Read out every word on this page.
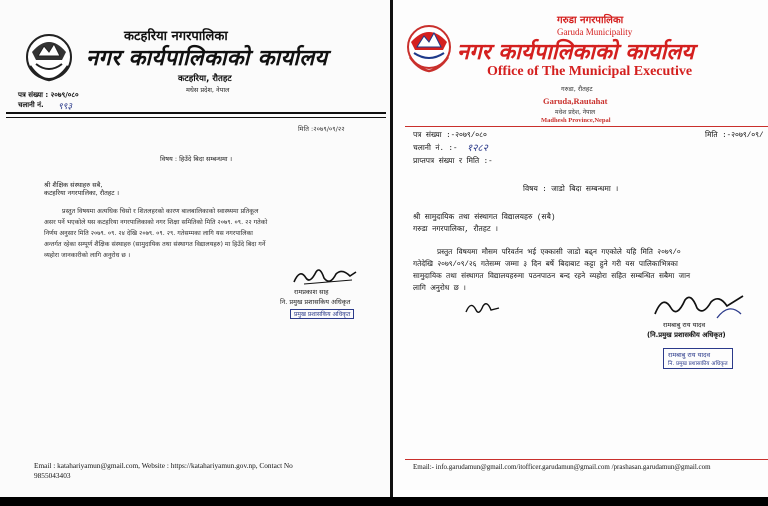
कटहरिया नगरपालिका
नगर कार्यपालिकाको कार्यालय
कटहरिया, रौतहट
मधेस प्रदेश, नेपाल
पत्र संख्या : २०७९/०८०
चलानी नं. ९९३
मिति :२०७९/०९/२२
विषय : हिउँदे बिदा सम्बन्धमा ।
श्री शैक्षिक संस्थाहरु सबै,
कटहरिया नगरपालिका, रौतहट ।
प्रस्तुत विषयमा अत्यधिक चिसो र शितलहरको कारण बालबालिकाको स्वास्थ्यमा प्रतिकूल
असर पर्ने भएकोले यस कटहरिया नगरपालिकाको नगर शिक्षा समितिको मिति २०७९. ०९. २२ गतेको
निर्णय अनुसार मिति २०७९. ०९. २४ देखि २०७९. ०९. २९. गतेसम्मका लागि यस नगरपालिका
अन्तर्गत रहेका सम्पूर्ण शैक्षिक संस्थाहरु (सामुदायिक तथा संस्थागत विद्यालयहरु) मा हिउँदे बिदा गर्ने
व्यहोरा जानकारीको लागि अनुरोध छ ।
रामप्रकाश साह
नि. प्रमुख प्रशासकिय अधिकृत
प्रमुख प्रशासकिय अधिकृत
Email : katahariyamun@gmail.com, Website : https://katahariyamun.gov.np, Contact No
9855043403
गरुडा नगरपालिका
Garuda Municipality
नगर कार्यपालिकाको कार्यालय
Office of The Municipal Executive
गरुडा, रौतहट
Garuda,Rautahat
मधेश प्रदेश, नेपाल
Madhesh Province,Nepal
पत्र संख्या :-२०७९/०८०	मिति :-२०७९/०९/
चलानी नं. :- १२८२
प्राप्तपत्र संख्या र मिति :-
विषय : जाडो बिदा सम्बन्धमा ।
श्री सामुदायिक तथा संस्थागत विद्यालयहरु (सबै)
गरुडा नगरपालिका, रौतहट ।
प्रस्तुत विषयमा मौसम परिवर्तन भई एक्कासी जाडो बढ्न गएकोले यहि मिति २०७९/०
गतेदेखि २०७९/०९/२६ गतेसम्म जम्मा ३ दिन बर्षे बिदाबाट कट्टा हुने गरी यस पालिकाभित्रका
सामुदायिक तथा संस्थागत विद्यालयहरुमा पठनपाठन बन्द रहने व्यहोरा सहित सम्बन्धित सबैमा जान
लागि अनुरोध छ ।
रामबाबु राय यादव
(नि.प्रमुख प्रशासकीय अधिकृत)
रामबाबु राय यादव
नि. प्रमुख प्रशासकीय अधिकृत
Email:- info.garudamun@gmail.com/itofficer.garudamun@gmail.com /prashasan.garudamun@gmail.com
